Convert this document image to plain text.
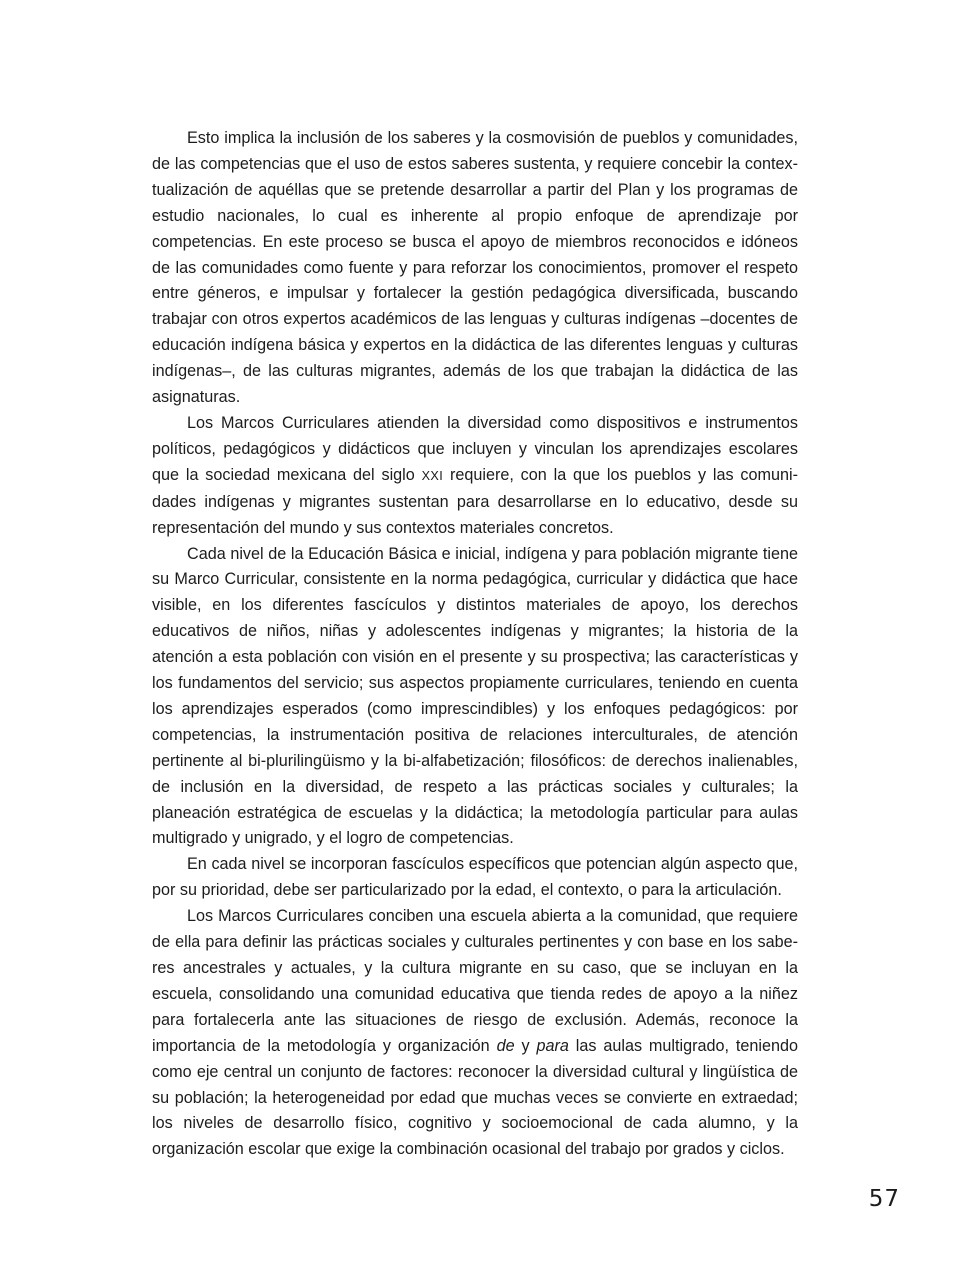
Esto implica la inclusión de los saberes y la cosmovisión de pueblos y comunidades, de las competencias que el uso de estos saberes sustenta, y requiere concebir la contextualización de aquéllas que se pretende desarrollar a partir del Plan y los programas de estudio nacionales, lo cual es inherente al propio enfoque de aprendizaje por competencias. En este proceso se busca el apoyo de miembros reconocidos e idóneos de las comunidades como fuente y para reforzar los conocimientos, promover el respeto entre géneros, e impulsar y fortalecer la gestión pedagógica diversificada, buscando trabajar con otros expertos académicos de las lenguas y culturas indígenas –docentes de educación indígena básica y expertos en la didáctica de las diferentes lenguas y culturas indígenas–, de las culturas migrantes, además de los que trabajan la didáctica de las asignaturas.

Los Marcos Curriculares atienden la diversidad como dispositivos e instrumentos políticos, pedagógicos y didácticos que incluyen y vinculan los aprendizajes escolares que la sociedad mexicana del siglo XXI requiere, con la que los pueblos y las comunidades indígenas y migrantes sustentan para desarrollarse en lo educativo, desde su representación del mundo y sus contextos materiales concretos.

Cada nivel de la Educación Básica e inicial, indígena y para población migrante tiene su Marco Curricular, consistente en la norma pedagógica, curricular y didáctica que hace visible, en los diferentes fascículos y distintos materiales de apoyo, los derechos educativos de niños, niñas y adolescentes indígenas y migrantes; la historia de la atención a esta población con visión en el presente y su prospectiva; las características y los fundamentos del servicio; sus aspectos propiamente curriculares, teniendo en cuenta los aprendizajes esperados (como imprescindibles) y los enfoques pedagógicos: por competencias, la instrumentación positiva de relaciones interculturales, de atención pertinente al bi-plurilingüismo y la bi-alfabetización; filosóficos: de derechos inalienables, de inclusión en la diversidad, de respeto a las prácticas sociales y culturales; la planeación estratégica de escuelas y la didáctica; la metodología particular para aulas multigrado y unigrado, y el logro de competencias.

En cada nivel se incorporan fascículos específicos que potencian algún aspecto que, por su prioridad, debe ser particularizado por la edad, el contexto, o para la articulación.

Los Marcos Curriculares conciben una escuela abierta a la comunidad, que requiere de ella para definir las prácticas sociales y culturales pertinentes y con base en los saberes ancestrales y actuales, y la cultura migrante en su caso, que se incluyan en la escuela, consolidando una comunidad educativa que tienda redes de apoyo a la niñez para fortalecerla ante las situaciones de riesgo de exclusión. Además, reconoce la importancia de la metodología y organización de y para las aulas multigrado, teniendo como eje central un conjunto de factores: reconocer la diversidad cultural y lingüística de su población; la heterogeneidad por edad que muchas veces se convierte en extraedad; los niveles de desarrollo físico, cognitivo y socioemocional de cada alumno, y la organización escolar que exige la combinación ocasional del trabajo por grados y ciclos.

57
